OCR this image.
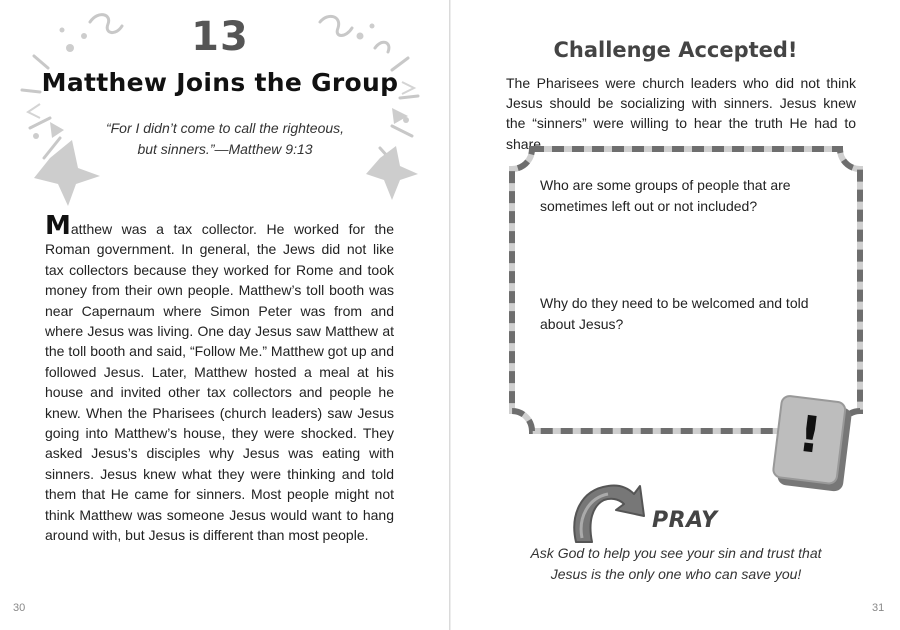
13
Matthew Joins the Group
“For I didn’t come to call the righteous,
but sinners.”—Matthew 9:13
Matthew was a tax collector. He worked for the Roman government. In general, the Jews did not like tax collectors because they worked for Rome and took money from their own people. Matthew’s toll booth was near Capernaum where Simon Peter was from and where Jesus was living. One day Jesus saw Matthew at the toll booth and said, “Follow Me.” Matthew got up and followed Jesus. Later, Matthew hosted a meal at his house and invited other tax collectors and people he knew. When the Pharisees (church leaders) saw Jesus going into Matthew’s house, they were shocked. They asked Jesus’s disciples why Jesus was eating with sinners. Jesus knew what they were thinking and told them that He came for sinners. Most people might not think Matthew was someone Jesus would want to hang around with, but Jesus is different than most people.
30
Challenge Accepted!
The Pharisees were church leaders who did not think Jesus should be socializing with sinners. Jesus knew the “sinners” were willing to hear the truth He had to share.
Who are some groups of people that are sometimes left out or not included?
Why do they need to be welcomed and told about Jesus?
!
PRAY
Ask God to help you see your sin and trust that
Jesus is the only one who can save you!
31
